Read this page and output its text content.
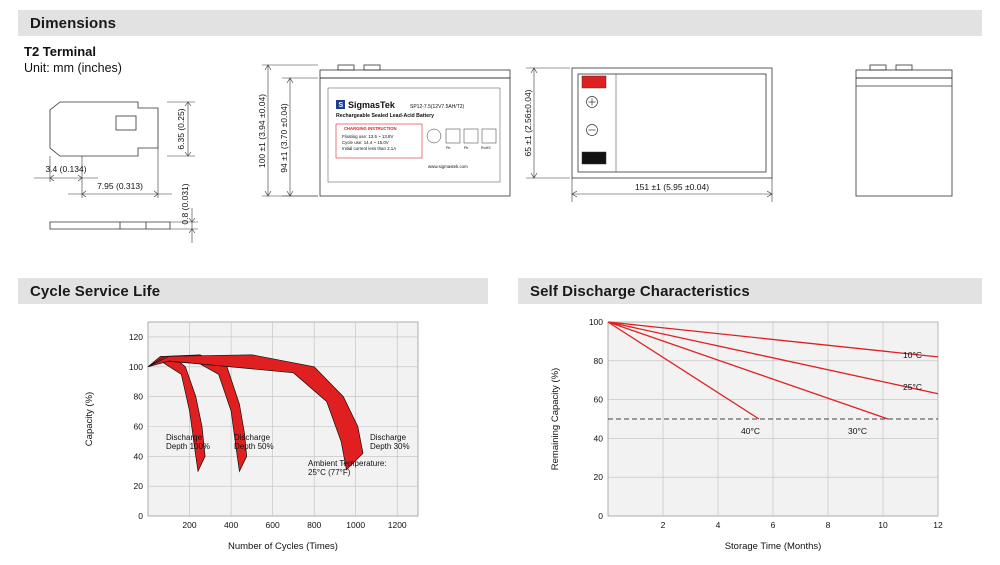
Dimensions
T2 Terminal
Unit: mm (inches)
6.35 (0.25)
3.4 (0.134)
7.95 (0.313)	0.8 (0.031)
S SigmasTek	SP12-7.5(12V7.5AH/T2)
Rechargeable Sealed Lead-Acid Battery
CHARGING INSTRUCTION
Floating use: 13.5 ~ 13.8V
Cycle use: 14.4 ~ 15.0V
Initial current less than 2.1A	Pb	Pb	RoHS
www.sigmastek.com
100 ±1 (3.94 ±0.04) 94 ±1 (3.70 ±0.04)	65 ±1 (2.56±0.04)
151 ±1 (5.95 ±0.04)
Cycle Service Life
0
20
40
60
80
100
120
200	400	600	800	1000	1200
Capacity (%)
Number of Cycles (Times)
Discharge
Depth 100%
Discharge
Depth 50%
Discharge
Depth 30%
Ambient Temperature:
25°C (77°F)
Self Discharge Characteristics
0
20
40
60
80
100
2	4	6	8	10	12
Remaining Capacity (%)
Storage Time (Months)
10°C
25°C
30°C
40°C
